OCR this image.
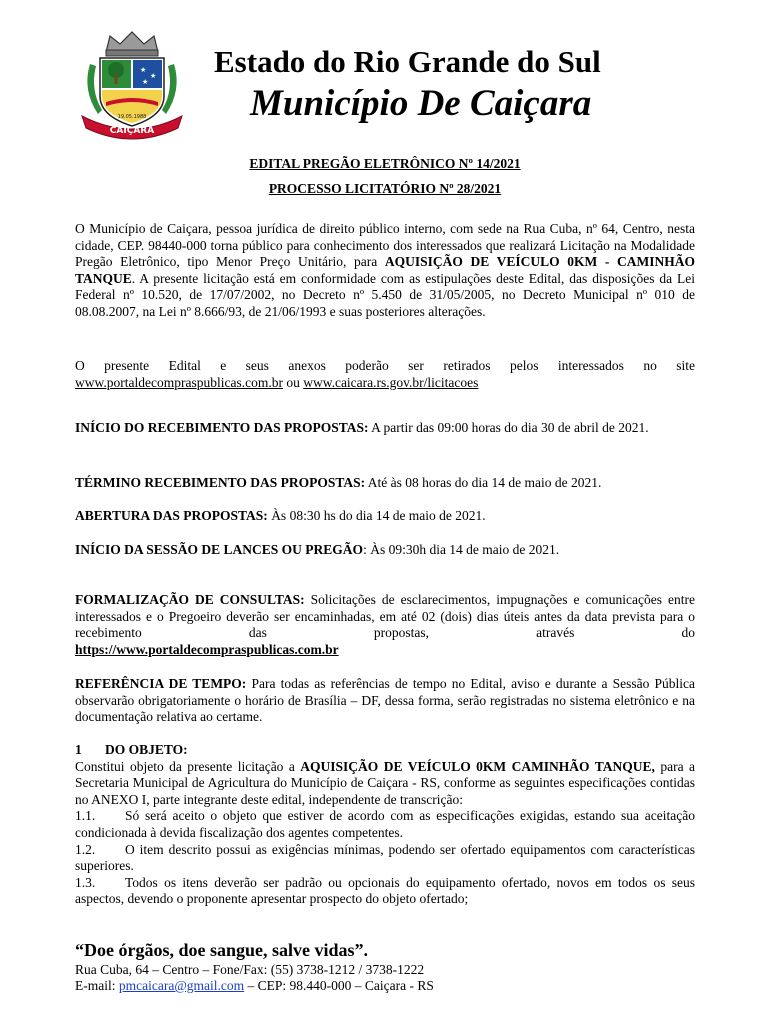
★
★
★
CAIÇARA
19.05.1988
Estado do Rio Grande do Sul
Município De Caiçara
EDITAL PREGÃO ELETRÔNICO Nº 14/2021
PROCESSO LICITATÓRIO Nº 28/2021
O Município de Caiçara, pessoa jurídica de direito público interno, com sede na Rua Cuba, nº 64, Centro, nesta cidade, CEP. 98440-000 torna público para conhecimento dos interessados que realizará Licitação na Modalidade Pregão Eletrônico, tipo Menor Preço Unitário, para AQUISIÇÃO DE VEÍCULO 0KM - CAMINHÃO TANQUE. A presente licitação está em conformidade com as estipulações deste Edital, das disposições da Lei Federal nº 10.520, de 17/07/2002, no Decreto nº 5.450 de 31/05/2005, no Decreto Municipal nº 010 de 08.08.2007, na Lei nº 8.666/93, de 21/06/1993 e suas posteriores alterações.
O presente Edital e seus anexos poderão ser retirados pelos interessados no site
www.portaldecompraspublicas.com.br ou www.caicara.rs.gov.br/licitacoes
INÍCIO DO RECEBIMENTO DAS PROPOSTAS: A partir das 09:00 horas do dia 30 de abril de 2021.
TÉRMINO RECEBIMENTO DAS PROPOSTAS: Até às 08 horas do dia 14 de maio de 2021.
ABERTURA DAS PROPOSTAS: Às 08:30 hs do dia 14 de maio de 2021.
INÍCIO DA SESSÃO DE LANCES OU PREGÃO: Às 09:30h dia 14 de maio de 2021.
FORMALIZAÇÃO DE CONSULTAS: Solicitações de esclarecimentos, impugnações e comunicações entre interessados e o Pregoeiro deverão ser encaminhadas, em até 02 (dois) dias úteis antes da data prevista para o recebimento das propostas, através do
https://www.portaldecompraspublicas.com.br
REFERÊNCIA DE TEMPO: Para todas as referências de tempo no Edital, aviso e durante a Sessão Pública observarão obrigatoriamente o horário de Brasília – DF, dessa forma, serão registradas no sistema eletrônico e na documentação relativa ao certame.
1 DO OBJETO:
Constitui objeto da presente licitação a AQUISIÇÃO DE VEÍCULO 0KM CAMINHÃO TANQUE, para a Secretaria Municipal de Agricultura do Município de Caiçara - RS, conforme as seguintes especificações contidas no ANEXO I, parte integrante deste edital, independente de transcrição:
1.1. Só será aceito o objeto que estiver de acordo com as especificações exigidas, estando sua aceitação condicionada à devida fiscalização dos agentes competentes.
1.2. O item descrito possui as exigências mínimas, podendo ser ofertado equipamentos com características superiores.
1.3. Todos os itens deverão ser padrão ou opcionais do equipamento ofertado, novos em todos os seus aspectos, devendo o proponente apresentar prospecto do objeto ofertado;
“Doe órgãos, doe sangue, salve vidas”.
Rua Cuba, 64 – Centro – Fone/Fax: (55) 3738-1212 / 3738-1222
E-mail: pmcaicara@gmail.com – CEP: 98.440-000 – Caiçara - RS
